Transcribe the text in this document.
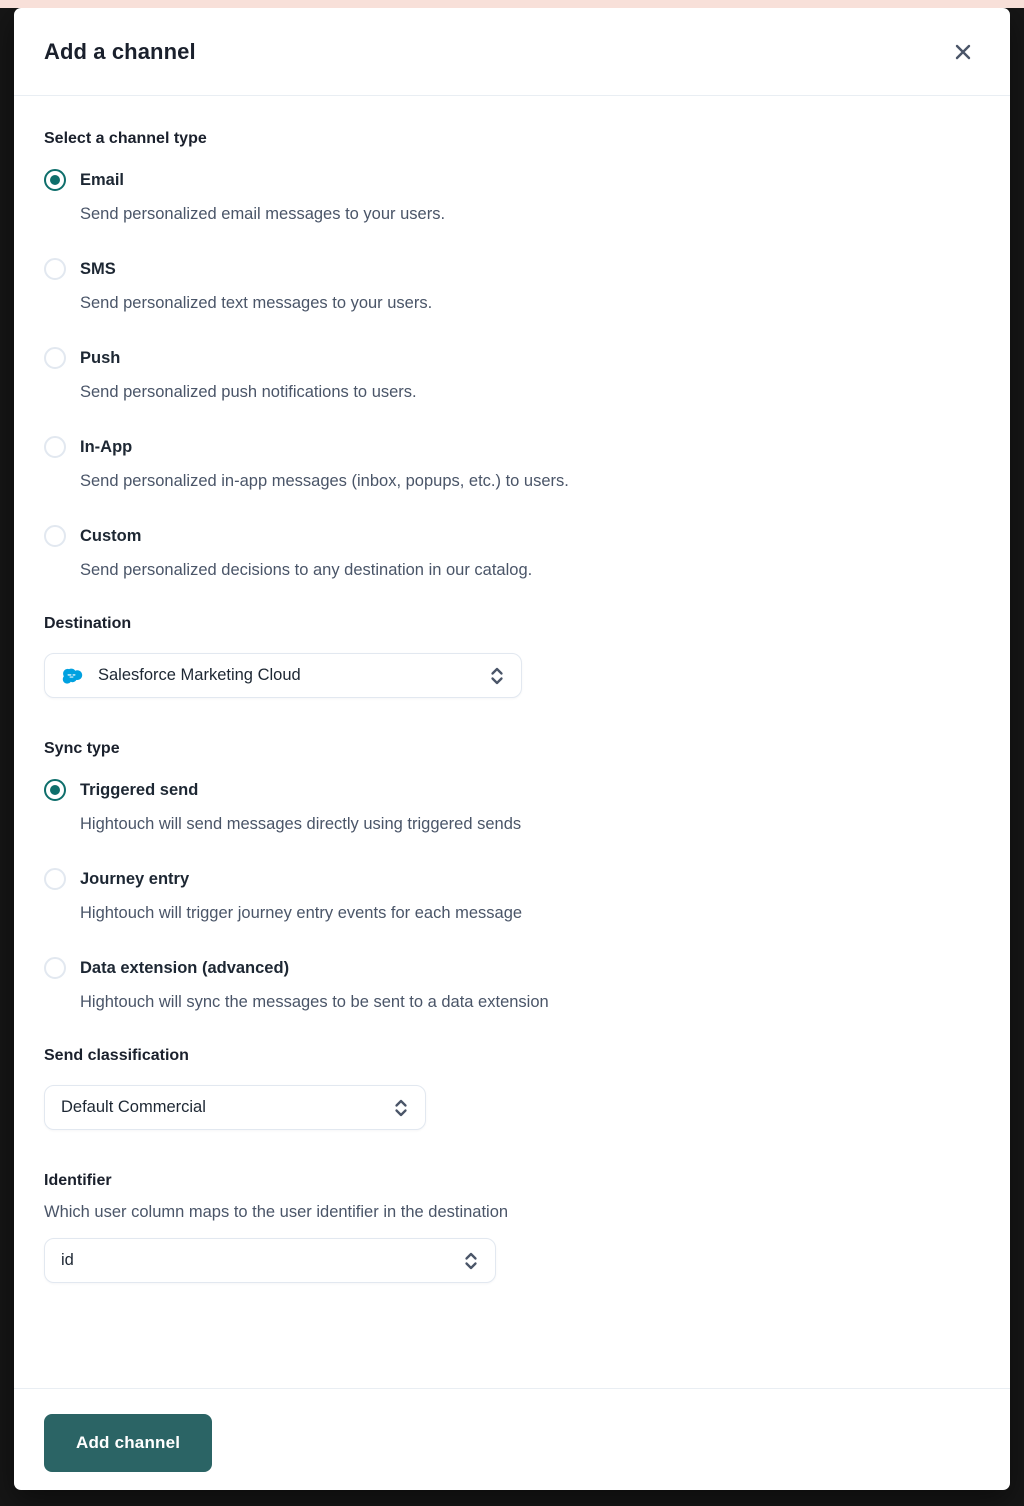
Add a channel
Select a channel type
Email
Send personalized email messages to your users.
SMS
Send personalized text messages to your users.
Push
Send personalized push notifications to users.
In-App
Send personalized in-app messages (inbox, popups, etc.) to users.
Custom
Send personalized decisions to any destination in our catalog.
Destination
Salesforce Marketing Cloud
Sync type
Triggered send
Hightouch will send messages directly using triggered sends
Journey entry
Hightouch will trigger journey entry events for each message
Data extension (advanced)
Hightouch will sync the messages to be sent to a data extension
Send classification
Default Commercial
Identifier
Which user column maps to the user identifier in the destination
id
Add channel
